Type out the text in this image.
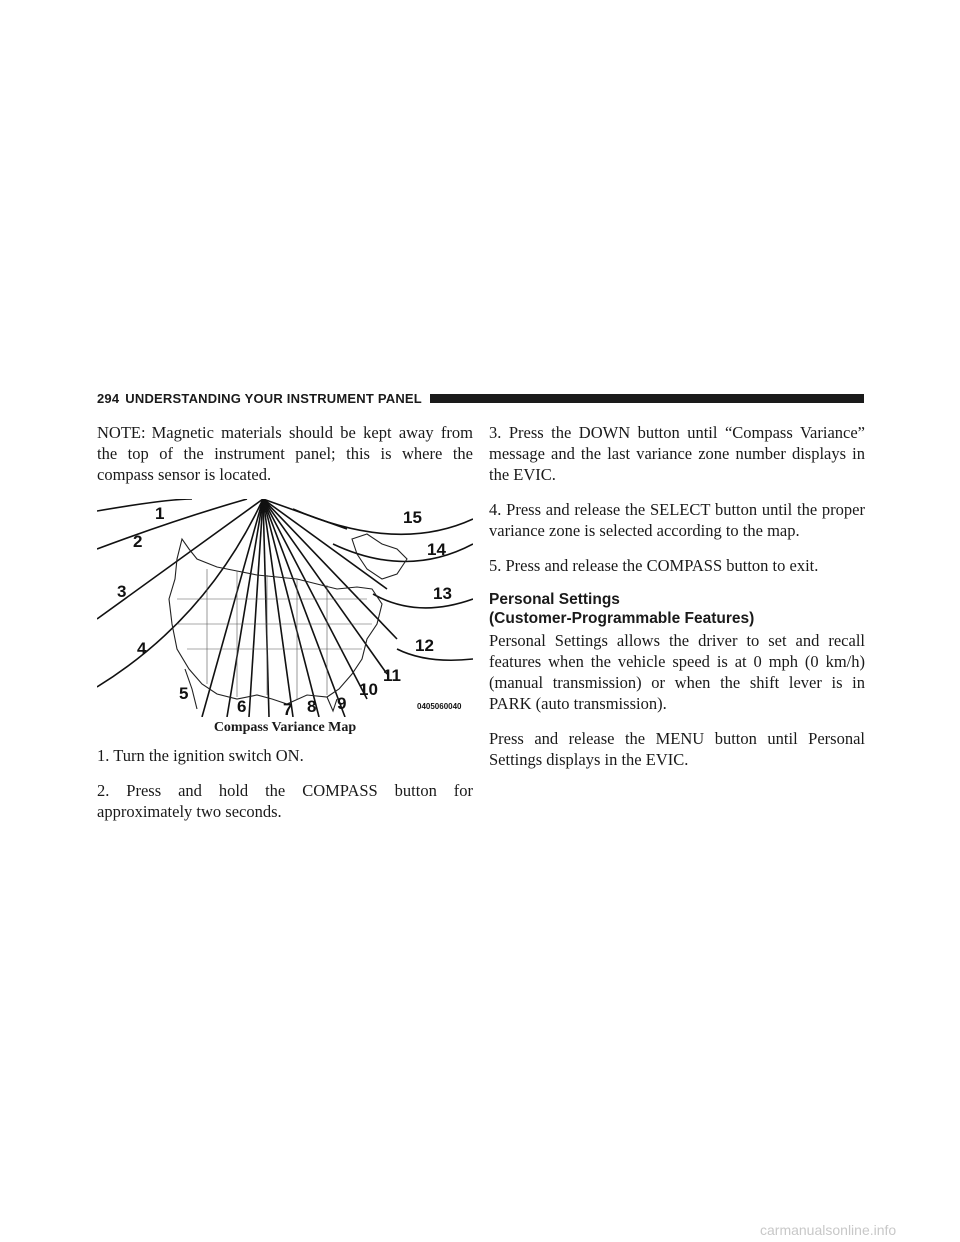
294 UNDERSTANDING YOUR INSTRUMENT PANEL

NOTE: Magnetic materials should be kept away from the top of the instrument panel; this is where the compass sensor is located.

1
2
3
4
5
6 7 8 9
10
11
12
13
14
15
0405060040
Compass Variance Map

1. Turn the ignition switch ON.

2. Press and hold the COMPASS button for approximately two seconds.

3. Press the DOWN button until “Compass Variance” message and the last variance zone number displays in the EVIC.

4. Press and release the SELECT button until the proper variance zone is selected according to the map.

5. Press and release the COMPASS button to exit.

Personal Settings
(Customer-Programmable Features)

Personal Settings allows the driver to set and recall features when the vehicle speed is at 0 mph (0 km/h) (manual transmission) or when the shift lever is in PARK (auto transmission).

Press and release the MENU button until Personal Settings displays in the EVIC.

carmanualsonline.info
